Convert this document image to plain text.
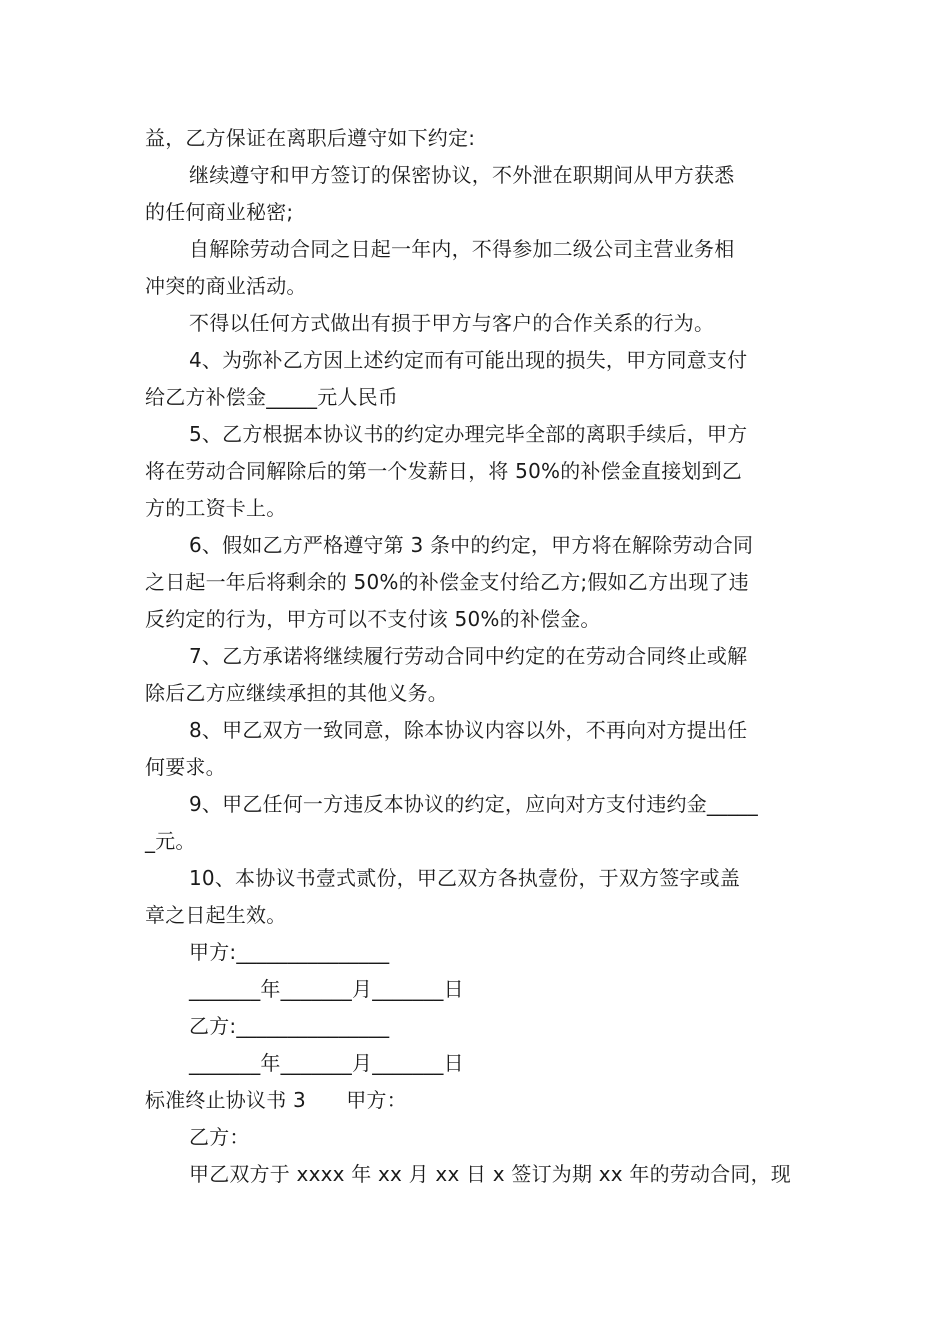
益，乙方保证在离职后遵守如下约定:
继续遵守和甲方签订的保密协议，不外泄在职期间从甲方获悉
的任何商业秘密;
自解除劳动合同之日起一年内，不得参加二级公司主营业务相
冲突的商业活动。
不得以任何方式做出有损于甲方与客户的合作关系的行为。
4、为弥补乙方因上述约定而有可能出现的损失，甲方同意支付
给乙方补偿金_____元人民币
5、乙方根据本协议书的约定办理完毕全部的离职手续后，甲方
将在劳动合同解除后的第一个发薪日，将 50%的补偿金直接划到乙
方的工资卡上。
6、假如乙方严格遵守第 3 条中的约定，甲方将在解除劳动合同
之日起一年后将剩余的 50%的补偿金支付给乙方;假如乙方出现了违
反约定的行为，甲方可以不支付该 50%的补偿金。
7、乙方承诺将继续履行劳动合同中约定的在劳动合同终止或解
除后乙方应继续承担的其他义务。
8、甲乙双方一致同意，除本协议内容以外，不再向对方提出任
何要求。
9、甲乙任何一方违反本协议的约定，应向对方支付违约金_____
_元。
10、本协议书壹式贰份，甲乙双方各执壹份，于双方签字或盖
章之日起生效。
甲方:_______________
_______年_______月_______日
乙方:_______________
_______年_______月_______日
标准终止协议书 3　　甲方：
乙方：
甲乙双方于 xxxx 年 xx 月 xx 日 x 签订为期 xx 年的劳动合同，现
